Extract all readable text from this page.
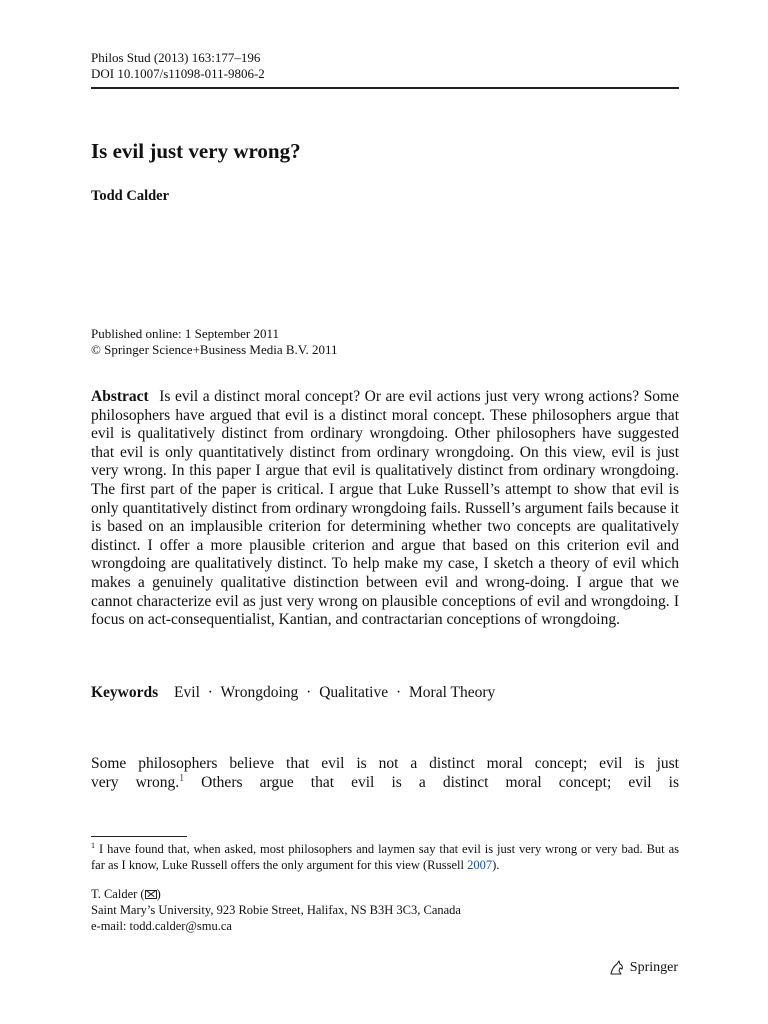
Philos Stud (2013) 163:177–196
DOI 10.1007/s11098-011-9806-2
Is evil just very wrong?
Todd Calder
Published online: 1 September 2011
© Springer Science+Business Media B.V. 2011
Abstract Is evil a distinct moral concept? Or are evil actions just very wrong actions? Some philosophers have argued that evil is a distinct moral concept. These philosophers argue that evil is qualitatively distinct from ordinary wrongdoing. Other philosophers have suggested that evil is only quantitatively distinct from ordinary wrongdoing. On this view, evil is just very wrong. In this paper I argue that evil is qualitatively distinct from ordinary wrongdoing. The first part of the paper is critical. I argue that Luke Russell’s attempt to show that evil is only quantitatively distinct from ordinary wrongdoing fails. Russell’s argument fails because it is based on an implausible criterion for determining whether two concepts are qualitatively distinct. I offer a more plausible criterion and argue that based on this criterion evil and wrongdoing are qualitatively distinct. To help make my case, I sketch a theory of evil which makes a genuinely qualitative distinction between evil and wrong-doing. I argue that we cannot characterize evil as just very wrong on plausible conceptions of evil and wrongdoing. I focus on act-consequentialist, Kantian, and contractarian conceptions of wrongdoing.
Keywords Evil · Wrongdoing · Qualitative · Moral Theory
Some philosophers believe that evil is not a distinct moral concept; evil is just
very wrong.$^1$ Others argue that evil is a distinct moral concept; evil is
$^1$ I have found that, when asked, most philosophers and laymen say that evil is just very wrong or very bad. But as far as I know, Luke Russell offers the only argument for this view (Russell 2007).
T. Calder ( )
Saint Mary’s University, 923 Robie Street, Halifax, NS B3H 3C3, Canada
e-mail: todd.calder@smu.ca
Springer
